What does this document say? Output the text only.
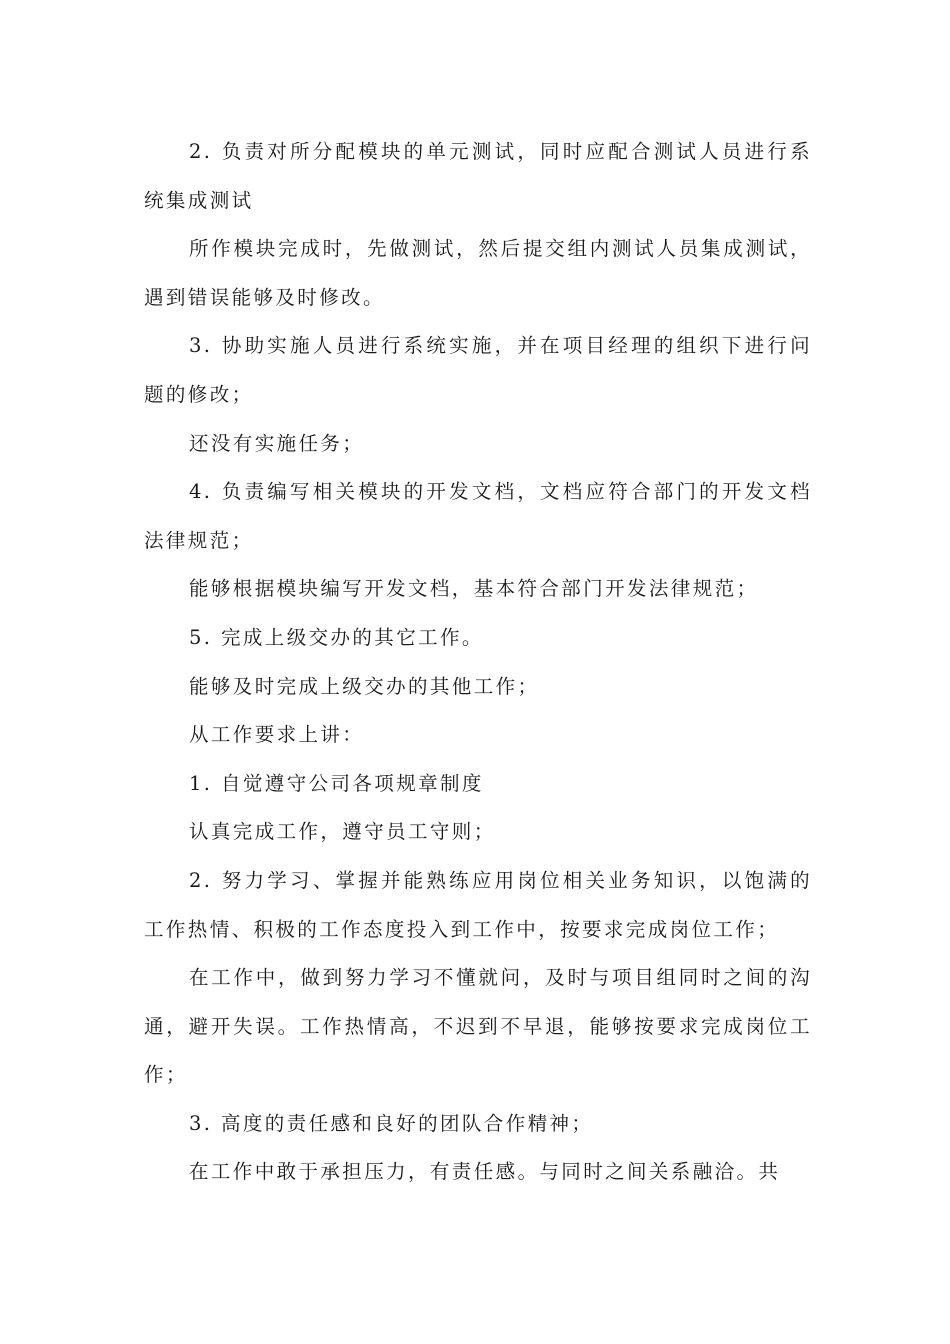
2. 负责对所分配模块的单元测试，同时应配合测试人员进行系统集成测试

所作模块完成时，先做测试，然后提交组内测试人员集成测试，遇到错误能够及时修改。

3. 协助实施人员进行系统实施，并在项目经理的组织下进行问题的修改；

还没有实施任务；

4. 负责编写相关模块的开发文档，文档应符合部门的开发文档法律规范；

能够根据模块编写开发文档，基本符合部门开发法律规范；

5. 完成上级交办的其它工作。

能够及时完成上级交办的其他工作；

从工作要求上讲：

1. 自觉遵守公司各项规章制度

认真完成工作，遵守员工守则；

2. 努力学习、掌握并能熟练应用岗位相关业务知识，以饱满的工作热情、积极的工作态度投入到工作中，按要求完成岗位工作；

在工作中，做到努力学习不懂就问，及时与项目组同时之间的沟通，避开失误。工作热情高，不迟到不早退，能够按要求完成岗位工作；

3. 高度的责任感和良好的团队合作精神；

在工作中敢于承担压力，有责任感。与同时之间关系融洽。共
